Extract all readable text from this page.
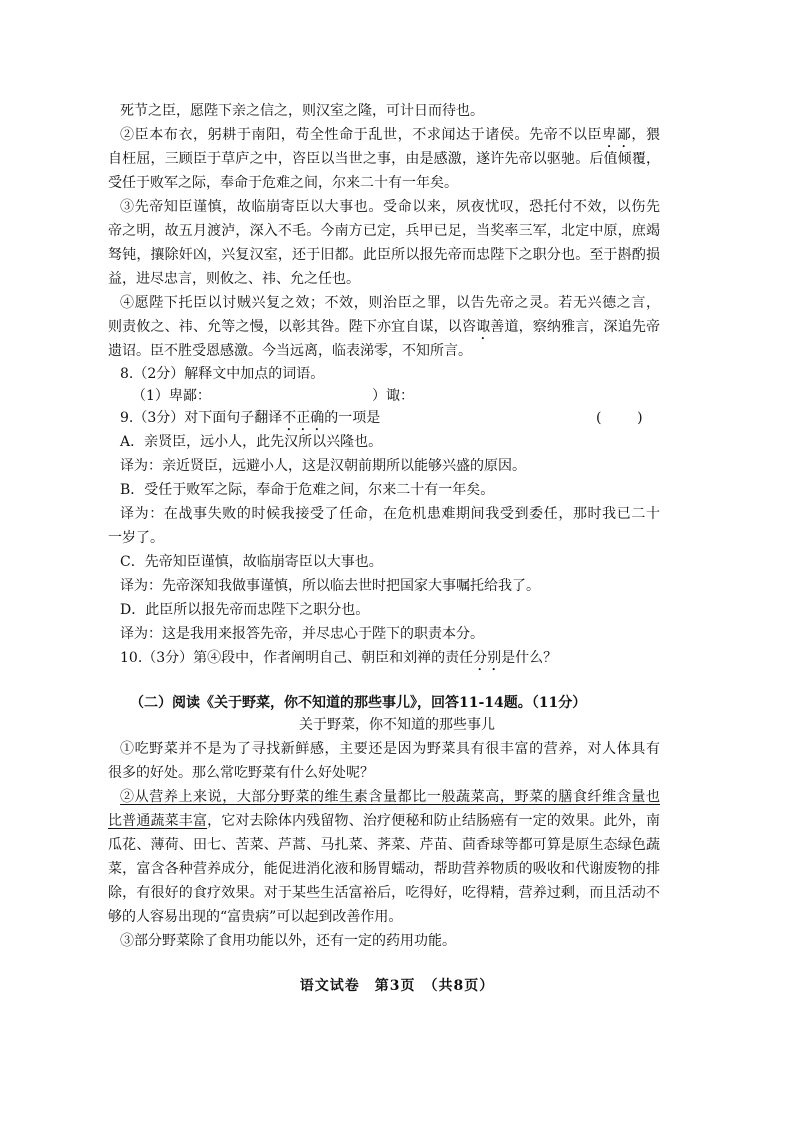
死节之臣，愿陛下亲之信之，则汉室之隆，可计日而待也。
②臣本布衣，躬耕于南阳，苟全性命于乱世，不求闻达于诸侯。先帝不以臣卑鄙，猥
自枉屈，三顾臣于草庐之中，咨臣以当世之事，由是感激，遂许先帝以驱驰。后值倾覆，
受任于败军之际，奉命于危难之间，尔来二十有一年矣。
③先帝知臣谨慎，故临崩寄臣以大事也。受命以来，夙夜忧叹，恐托付不效，以伤先
帝之明，故五月渡泸，深入不毛。今南方已定，兵甲已足，当奖率三军，北定中原，庶竭
驽钝，攘除奸凶，兴复汉室，还于旧都。此臣所以报先帝而忠陛下之职分也。至于斟酌损
益，进尽忠言，则攸之、祎、允之任也。
④愿陛下托臣以讨贼兴复之效；不效，则治臣之罪，以告先帝之灵。若无兴德之言，
则责攸之、祎、允等之慢，以彰其咎。陛下亦宜自谋，以咨诹善道，察纳雅言，深追先帝
遗诏。臣不胜受恩感激。今当远离，临表涕零，不知所言。
8.（2分）解释文中加点的词语。
（1）卑鄙：	）诹：
9.（3分）对下面句子翻译不正确的一项是	(        )
A．亲贤臣，远小人，此先汉所以兴隆也。
译为：亲近贤臣，远避小人，这是汉朝前期所以能够兴盛的原因。
B．受任于败军之际，奉命于危难之间，尔来二十有一年矣。
译为：在战事失败的时候我接受了任命，在危机患难期间我受到委任，那时我已二十
一岁了。
C．先帝知臣谨慎，故临崩寄臣以大事也。
译为：先帝深知我做事谨慎，所以临去世时把国家大事嘱托给我了。
D．此臣所以报先帝而忠陛下之职分也。
译为：这是我用来报答先帝，并尽忠心于陛下的职责本分。
10.（3分）第④段中，作者阐明自己、朝臣和刘禅的责任分别是什么？
（二）阅读《关于野菜，你不知道的那些事儿》，回答11-14题。（11分）
关于野菜，你不知道的那些事儿
①吃野菜并不是为了寻找新鲜感，主要还是因为野菜具有很丰富的营养，对人体具有
很多的好处。那么常吃野菜有什么好处呢？
②从营养上来说，大部分野菜的维生素含量都比一般蔬菜高，野菜的膳食纤维含量也
比普通蔬菜丰富，它对去除体内残留物、治疗便秘和防止结肠癌有一定的效果。此外，南
瓜花、薄荷、田七、苦菜、芦蒿、马扎菜、荠菜、芹苗、茴香球等都可算是原生态绿色蔬
菜，富含各种营养成分，能促进消化液和肠胃蠕动，帮助营养物质的吸收和代谢废物的排
除，有很好的食疗效果。对于某些生活富裕后，吃得好，吃得精，营养过剩，而且活动不
够的人容易出现的“富贵病”可以起到改善作用。
③部分野菜除了食用功能以外，还有一定的药用功能。
语文试卷　第3页　（共8页）
